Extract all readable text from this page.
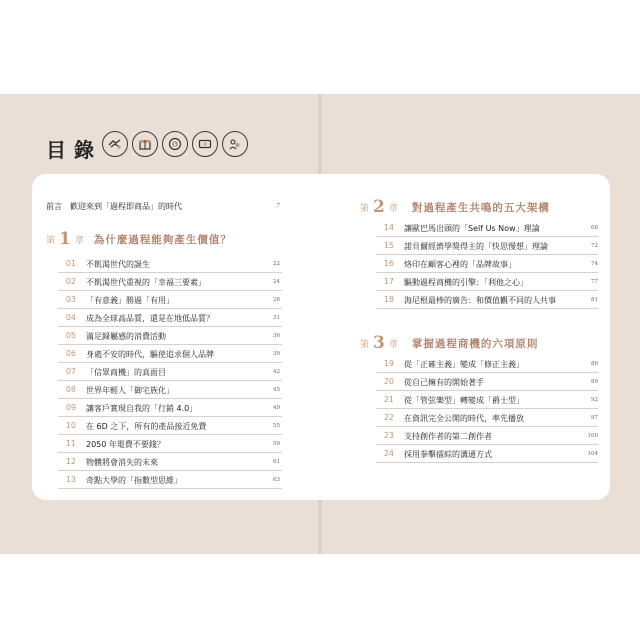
目錄	$
前言 歡迎來到「過程即商品」的時代	7
第 1 章 為什麼過程能夠產生價值？
01 不飢渴世代的誕生	22
02 不飢渴世代重視的「幸福三要素」	24
03 「有意義」勝過「有用」	26
04 成為全球高品質，還是在地低品質？	31
05 滿足歸屬感的消費活動	36
06 身處不安的時代，驅使追求個人品牌	39
07 「信眾商機」的真面目	42
08 世界年輕人「御宅族化」	45
09 讓客戶實現自我的「行銷 4.0」	49
10 在 6D 之下，所有的產品接近免費	55
11 2050 年電費不要錢？	59
12 物體將會消失的未來	61
13 奇點大學的「指數型思維」	63
第 2 章 對過程產生共鳴的五大架構
14 讓歐巴馬出頭的「Self Us Now」理論	68
15 諾貝爾經濟學獎得主的「快思慢想」理論	72
16 烙印在顧客心裡的「品牌故事」	74
17 驅動過程商機的引擎：「利他之心」	77
18 海尼根最棒的廣告：和價值觀不同的人共事	81
第 3 章 掌握過程商機的六項原則
19 從「正確主義」變成「修正主義」	86
20 從自己擁有的開始著手	89
21 從「管弦樂型」轉變成「爵士型」	92
22 在資訊完全公開的時代，率先播放	97
23 支持創作者的第二創作者	100
24 採用拳擊擂綜的溝通方式	104
